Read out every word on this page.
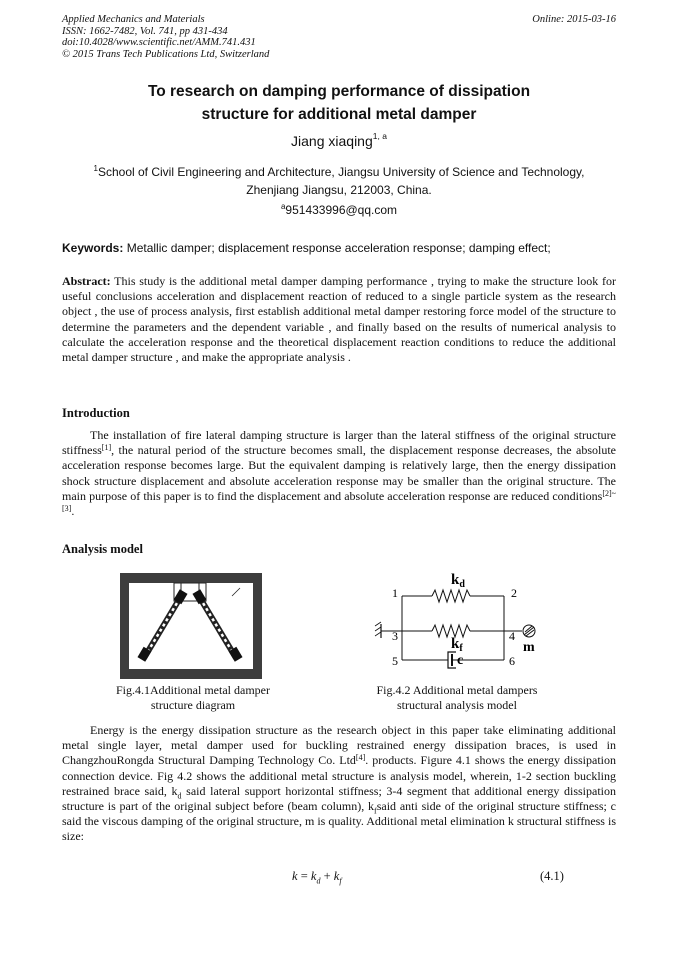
Applied Mechanics and Materials
ISSN: 1662-7482, Vol. 741, pp 431-434
doi:10.4028/www.scientific.net/AMM.741.431
© 2015 Trans Tech Publications Ltd, Switzerland
Online: 2015-03-16
To research on damping performance of dissipation
structure for additional metal damper
Jiang xiaqing$^{1, a}$
$^1$School of Civil Engineering and Architecture, Jiangsu University of Science and Technology,
Zhenjiang Jiangsu, 212003, China.
$^a$951433996@qq.com
Keywords: Metallic damper; displacement response acceleration response; damping effect;
Abstract: This study is the additional metal damper damping performance , trying to make the structure look for useful conclusions acceleration and displacement reaction of reduced to a single particle system as the research object , the use of process analysis, first establish additional metal damper restoring force model of the structure to determine the parameters and the dependent variable , and finally based on the results of numerical analysis to calculate the acceleration response and the theoretical displacement reaction conditions to reduce the additional metal damper structure , and make the appropriate analysis .
Introduction
The installation of fire lateral damping structure is larger than the lateral stiffness of the original structure stiffness[1], the natural period of the structure becomes small, the displacement response decreases, the absolute acceleration response becomes large. But the equivalent damping is relatively large, then the energy dissipation shock structure displacement and absolute acceleration response may be smaller than the original structure. The main purpose of this paper is to find the displacement and absolute acceleration response are reduced conditions[2]~[3].
Analysis model
1	2
3	4
5	6
$k_d$
$k_f$
c
m
Fig.4.1Additional metal damper
structure diagram
Fig.4.2 Additional metal dampers
structural analysis model
Energy is the energy dissipation structure as the research object in this paper take eliminating additional metal single layer, metal damper used for buckling restrained energy dissipation braces, is used in ChangzhouRongda Structural Damping Technology Co. Ltd[4]. products. Figure 4.1 shows the energy dissipation connection device. Fig 4.2 shows the additional metal structure is analysis model, wherein, 1-2 section buckling restrained brace said, $k_d$ said lateral support horizontal stiffness; 3-4 segment that additional energy dissipation structure is part of the original subject before (beam column), $k_fsaid$ anti side of the original structure stiffness; c said the viscous damping of the original structure, m is quality. Additional metal elimination k structural stiffness is size:
$k = k_d + k_f$	(4.1)
